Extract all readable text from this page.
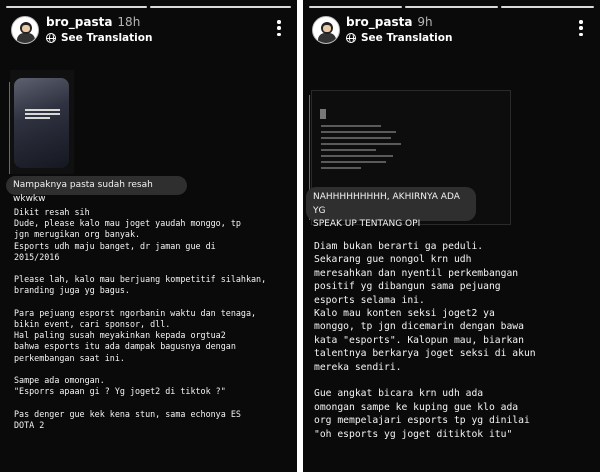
bro_pasta 18h
See Translation
Nampaknya pasta sudah resah wkwkw
Dikit resah sih
Dude, please kalo mau joget yaudah monggo, tp
jgn merugikan org banyak.
Esports udh maju banget, dr jaman gue di
2015/2016

Please lah, kalo mau berjuang kompetitif silahkan,
branding juga yg bagus.

Para pejuang esporst ngorbanin waktu dan tenaga,
bikin event, cari sponsor, dll.
Hal paling susah meyakinkan kepada orgtua2
bahwa esports itu ada dampak bagusnya dengan
perkembangan saat ini.

Sampe ada omongan.
"Esporrs apaan gi ? Yg joget2 di tiktok ?"

Pas denger gue kek kena stun, sama echonya ES
DOTA 2
bro_pasta 9h
See Translation
NAHHHHHHHHH, AKHIRNYA ADA YG
SPEAK UP TENTANG OPI
Diam bukan berarti ga peduli.
Sekarang gue nongol krn udh
meresahkan dan nyentil perkembangan
positif yg dibangun sama pejuang
esports selama ini.
Kalo mau konten seksi joget2 ya
monggo, tp jgn dicemarin dengan bawa
kata "esports". Kalopun mau, biarkan
talentnya berkarya joget seksi di akun
mereka sendiri.

Gue angkat bicara krn udh ada
omongan sampe ke kuping gue klo ada
org mempelajari esports tp yg dinilai
"oh esports yg joget ditiktok itu"
